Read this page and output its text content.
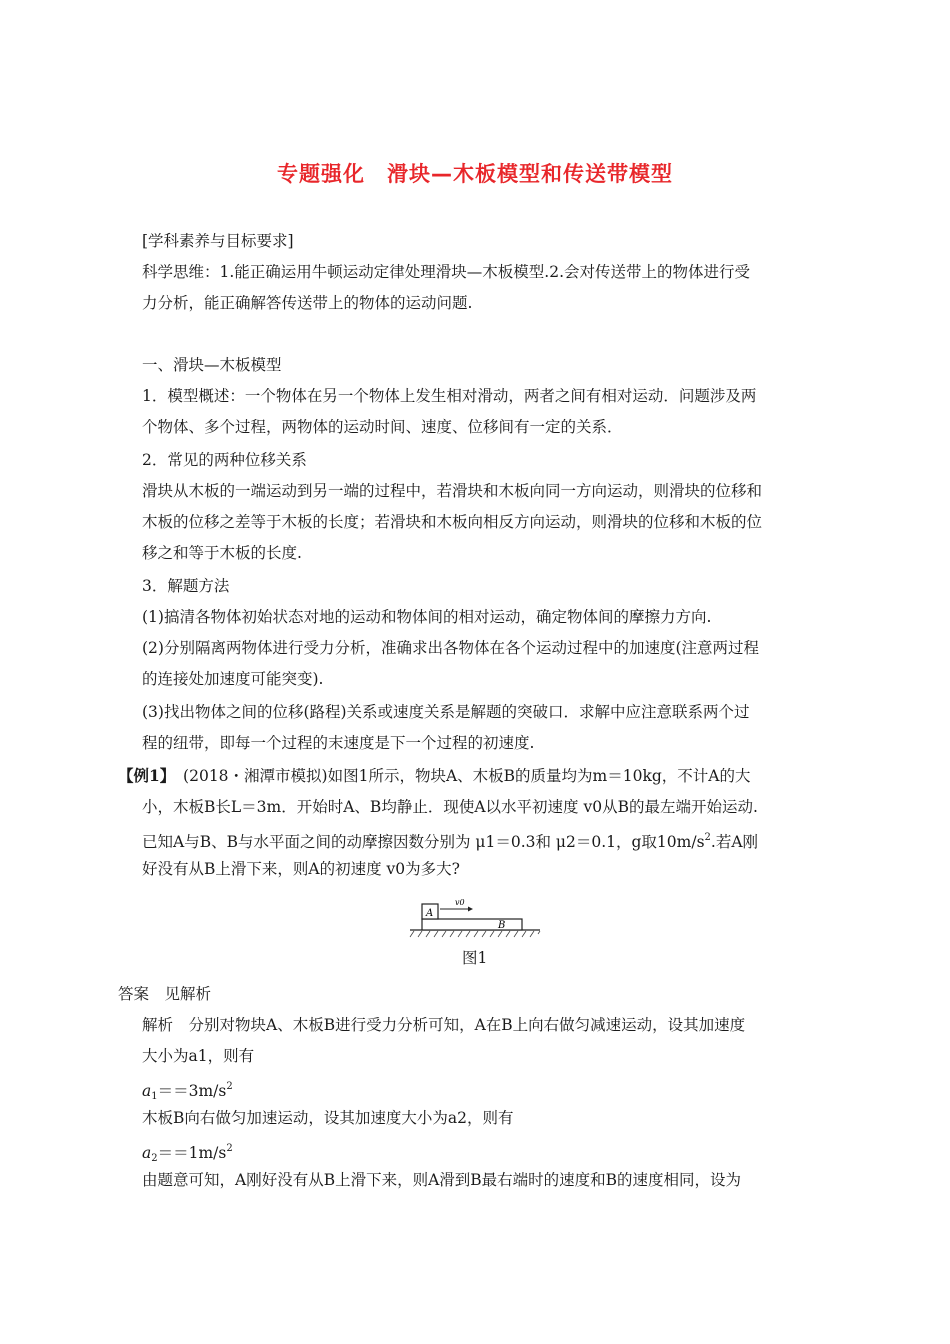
专题强化　滑块—木板模型和传送带模型
[学科素养与目标要求]
科学思维：1.能正确运用牛顿运动定律处理滑块—木板模型.2.会对传送带上的物体进行受
力分析，能正确解答传送带上的物体的运动问题.
一、滑块—木板模型
1．模型概述：一个物体在另一个物体上发生相对滑动，两者之间有相对运动．问题涉及两
个物体、多个过程，两物体的运动时间、速度、位移间有一定的关系．
2．常见的两种位移关系
滑块从木板的一端运动到另一端的过程中，若滑块和木板向同一方向运动，则滑块的位移和
木板的位移之差等于木板的长度；若滑块和木板向相反方向运动，则滑块的位移和木板的位
移之和等于木板的长度.
3．解题方法
(1)搞清各物体初始状态对地的运动和物体间的相对运动，确定物体间的摩擦力方向.
(2)分别隔离两物体进行受力分析，准确求出各物体在各个运动过程中的加速度(注意两过程
的连接处加速度可能突变).
(3)找出物体之间的位移(路程)关系或速度关系是解题的突破口．求解中应注意联系两个过
程的纽带，即每一个过程的末速度是下一个过程的初速度.
【例1】　(2018・湘潭市模拟)如图1所示，物块A、木板B的质量均为m＝10kg，不计A的大
小，木板B长L＝3m．开始时A、B均静止．现使A以水平初速度 v0从B的最左端开始运动.
已知A与B、B与水平面之间的动摩擦因数分别为 μ1＝0.3和 μ2＝0.1，g取$10m/s^2$.若A刚
好没有从B上滑下来，则A的初速度 v0为多大?
A
B
v0
图1
答案　见解析
解析　分别对物块A、木板B进行受力分析可知，A在B上向右做匀减速运动，设其加速度
大小为a1，则有
$a_1==3m/s^2$
木板B向右做匀加速运动，设其加速度大小为a2，则有
$a_2==1m/s^2$
由题意可知，A刚好没有从B上滑下来，则A滑到B最右端时的速度和B的速度相同，设为
